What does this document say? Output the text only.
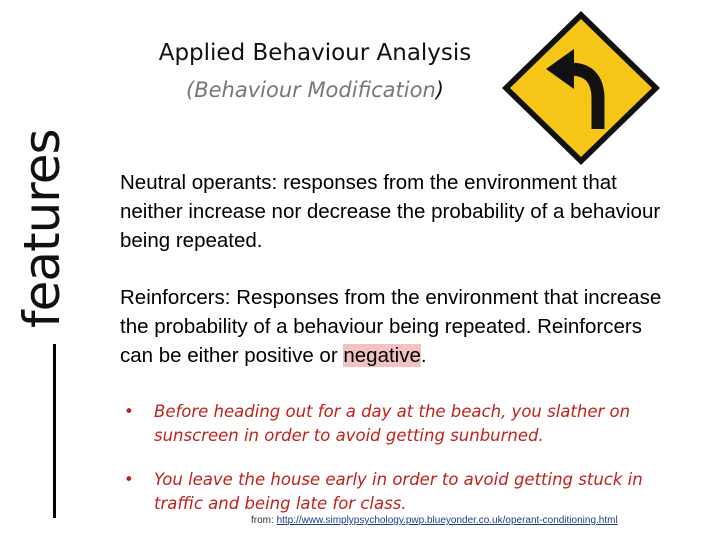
Applied Behaviour Analysis
(Behaviour Modification)
features Neutral operants: responses from the environment that neither increase nor decrease the probability of a behaviour being repeated.

Reinforcers: Responses from the environment that increase the probability of a behaviour being repeated. Reinforcers can be either positive or negative.

• Before heading out for a day at the beach, you slather on sunscreen in order to avoid getting sunburned.
• You leave the house early in order to avoid getting stuck in traffic and being late for class.
from: http://www.simplypsychology.pwp.blueyonder.co.uk/operant-conditioning.html
